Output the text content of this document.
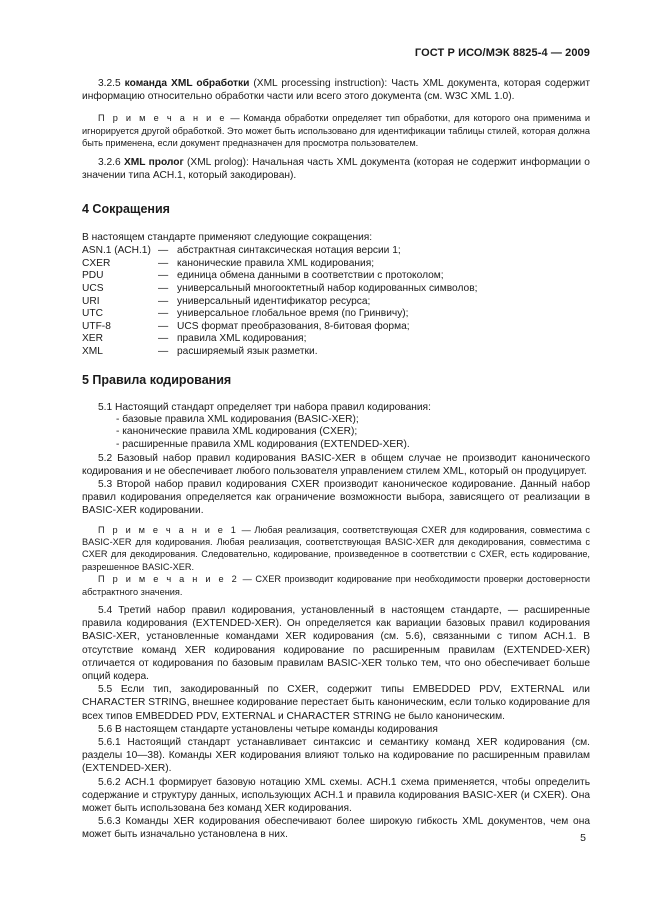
ГОСТ Р ИСО/МЭК 8825-4 — 2009

3.2.5 команда XML обработки (XML processing instruction): Часть XML документа, которая содержит информацию относительно обработки части или всего этого документа (см. W3C XML 1.0).

П р и м е ч а н и е — Команда обработки определяет тип обработки, для которого она применима и игнорируется другой обработкой. Это может быть использовано для идентификации таблицы стилей, которая должна быть применена, если документ предназначен для просмотра пользователем.

3.2.6 XML пролог (XML prolog): Начальная часть XML документа (которая не содержит информации о значении типа АСН.1, который закодирован).

4 Сокращения

В настоящем стандарте применяют следующие сокращения:

ASN.1 (АСН.1)	—	абстрактная синтаксическая нотация версии 1;
CXER	—	канонические правила XML кодирования;
PDU	—	единица обмена данными в соответствии с протоколом;
UCS	—	универсальный многооктетный набор кодированных символов;
URI	—	универсальный идентификатор ресурса;
UTC	—	универсальное глобальное время (по Гринвичу);
UTF-8	—	UCS формат преобразования, 8-битовая форма;
XER	—	правила XML кодирования;
XML	—	расширяемый язык разметки.
5 Правила кодирования

5.1 Настоящий стандарт определяет три набора правил кодирования:

- базовые правила XML кодирования (BASIC-XER);
- канонические правила XML кодирования (CXER);
- расширенные правила XML кодирования (EXTENDED-XER).

5.2 Базовый набор правил кодирования BASIC-XER в общем случае не производит канонического кодирования и не обеспечивает любого пользователя управлением стилем XML, который он продуцирует.

5.3 Второй набор правил кодирования CXER производит каноническое кодирование. Данный набор правил кодирования определяется как ограничение возможности выбора, зависящего от реализации в BASIC-XER кодировании.

П р и м е ч а н и е 1 — Любая реализация, соответствующая CXER для кодирования, совместима с BASIC-XER для кодирования. Любая реализация, соответствующая BASIC-XER для декодирования, совместима с CXER для декодирования. Следовательно, кодирование, произведенное в соответствии с CXER, есть кодирование, разрешенное BASIC-XER.

П р и м е ч а н и е 2 — CXER производит кодирование при необходимости проверки достоверности абстрактного значения.

5.4 Третий набор правил кодирования, установленный в настоящем стандарте, — расширенные правила кодирования (EXTENDED-XER). Он определяется как вариации базовых правил кодирования BASIC-XER, установленные командами XER кодирования (см. 5.6), связанными с типом АСН.1. В отсутствие команд XER кодирования кодирование по расширенным правилам (EXTENDED-XER) отличается от кодирования по базовым правилам BASIC-XER только тем, что оно обеспечивает больше опций кодера.

5.5 Если тип, закодированный по CXER, содержит типы EMBEDDED PDV, EXTERNAL или CHARACTER STRING, внешнее кодирование перестает быть каноническим, если только кодирование для всех типов EMBEDDED PDV, EXTERNAL и CHARACTER STRING не было каноническим.

5.6 В настоящем стандарте установлены четыре команды кодирования

5.6.1 Настоящий стандарт устанавливает синтаксис и семантику команд XER кодирования (см. разделы 10—38). Команды XER кодирования влияют только на кодирование по расширенным правилам (EXTENDED-XER).

5.6.2 АСН.1 формирует базовую нотацию XML схемы. АСН.1 схема применяется, чтобы определить содержание и структуру данных, использующих АСН.1 и правила кодирования BASIC-XER (и CXER). Она может быть использована без команд XER кодирования.

5.6.3 Команды XER кодирования обеспечивают более широкую гибкость XML документов, чем она может быть изначально установлена в них.	5
